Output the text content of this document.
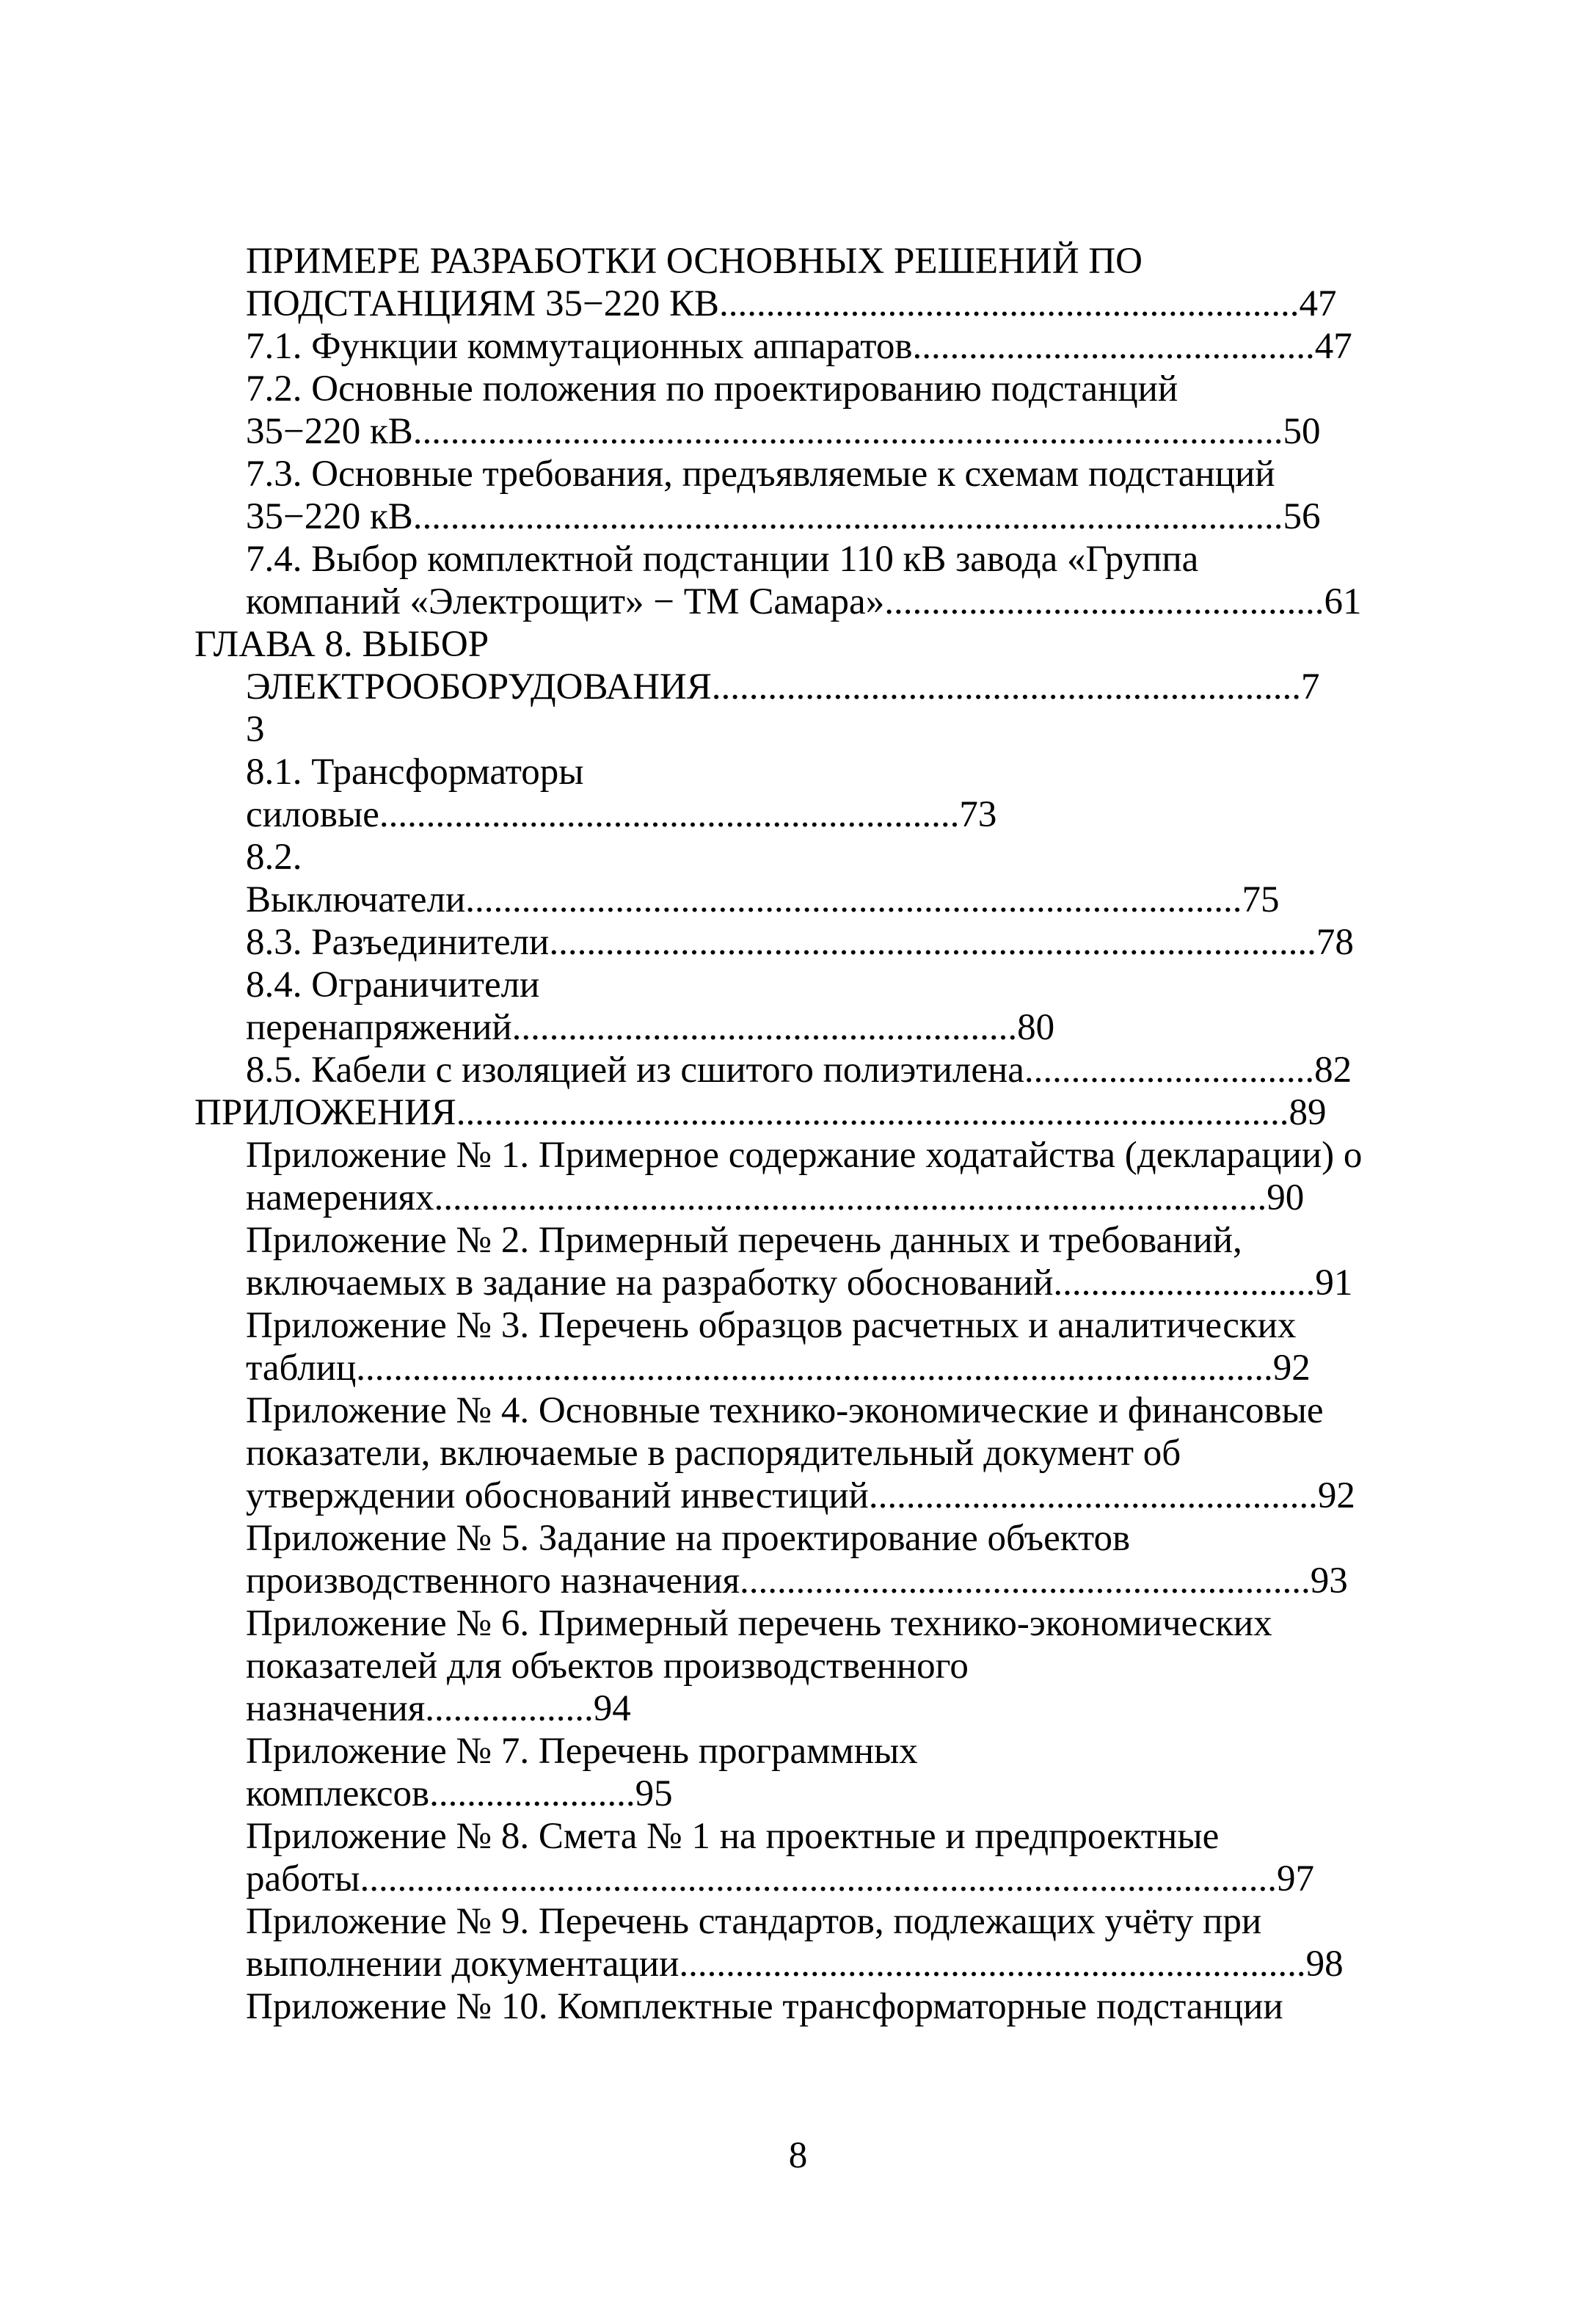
ПРИМЕРЕ РАЗРАБОТКИ ОСНОВНЫХ РЕШЕНИЙ ПО
ПОДСТАНЦИЯМ 35−220 КВ..............................................................47
7.1. Функции коммутационных аппаратов...........................................47
7.2. Основные положения по проектированию подстанций
35−220 кВ.............................................................................................50
7.3. Основные требования, предъявляемые к схемам подстанций
35−220 кВ.............................................................................................56
7.4. Выбор комплектной подстанции 110 кВ завода «Группа
компаний «Электрощит» − ТМ Самара»...............................................61
ГЛАВА 8. ВЫБОР
ЭЛЕКТРООБОРУДОВАНИЯ...............................................................7
3
8.1. Трансформаторы
силовые..............................................................73
8.2.
Выключатели...................................................................................75
8.3. Разъединители..................................................................................78
8.4. Ограничители
перенапряжений......................................................80
8.5. Кабели с изоляцией из сшитого полиэтилена...............................82
ПРИЛОЖЕНИЯ.........................................................................................89
Приложение № 1. Примерное содержание ходатайства (декларации) о
намерениях.........................................................................................90
Приложение № 2. Примерный перечень данных и требований,
включаемых в задание на разработку обоснований............................91
Приложение № 3. Перечень образцов расчетных и аналитических
таблиц..................................................................................................92
Приложение № 4. Основные технико-экономические и финансовые
показатели, включаемые в распорядительный документ об
утверждении обоснований инвестиций................................................92
Приложение № 5. Задание на проектирование объектов
производственного назначения.............................................................93
Приложение № 6. Примерный перечень технико-экономических
показателей для объектов производственного
назначения..................94
Приложение № 7. Перечень программных
комплексов......................95
Приложение № 8. Смета № 1 на проектные и предпроектные
работы..................................................................................................97
Приложение № 9. Перечень стандартов, подлежащих учёту при
выполнении документации...................................................................98
Приложение № 10. Комплектные трансформаторные подстанции
8
